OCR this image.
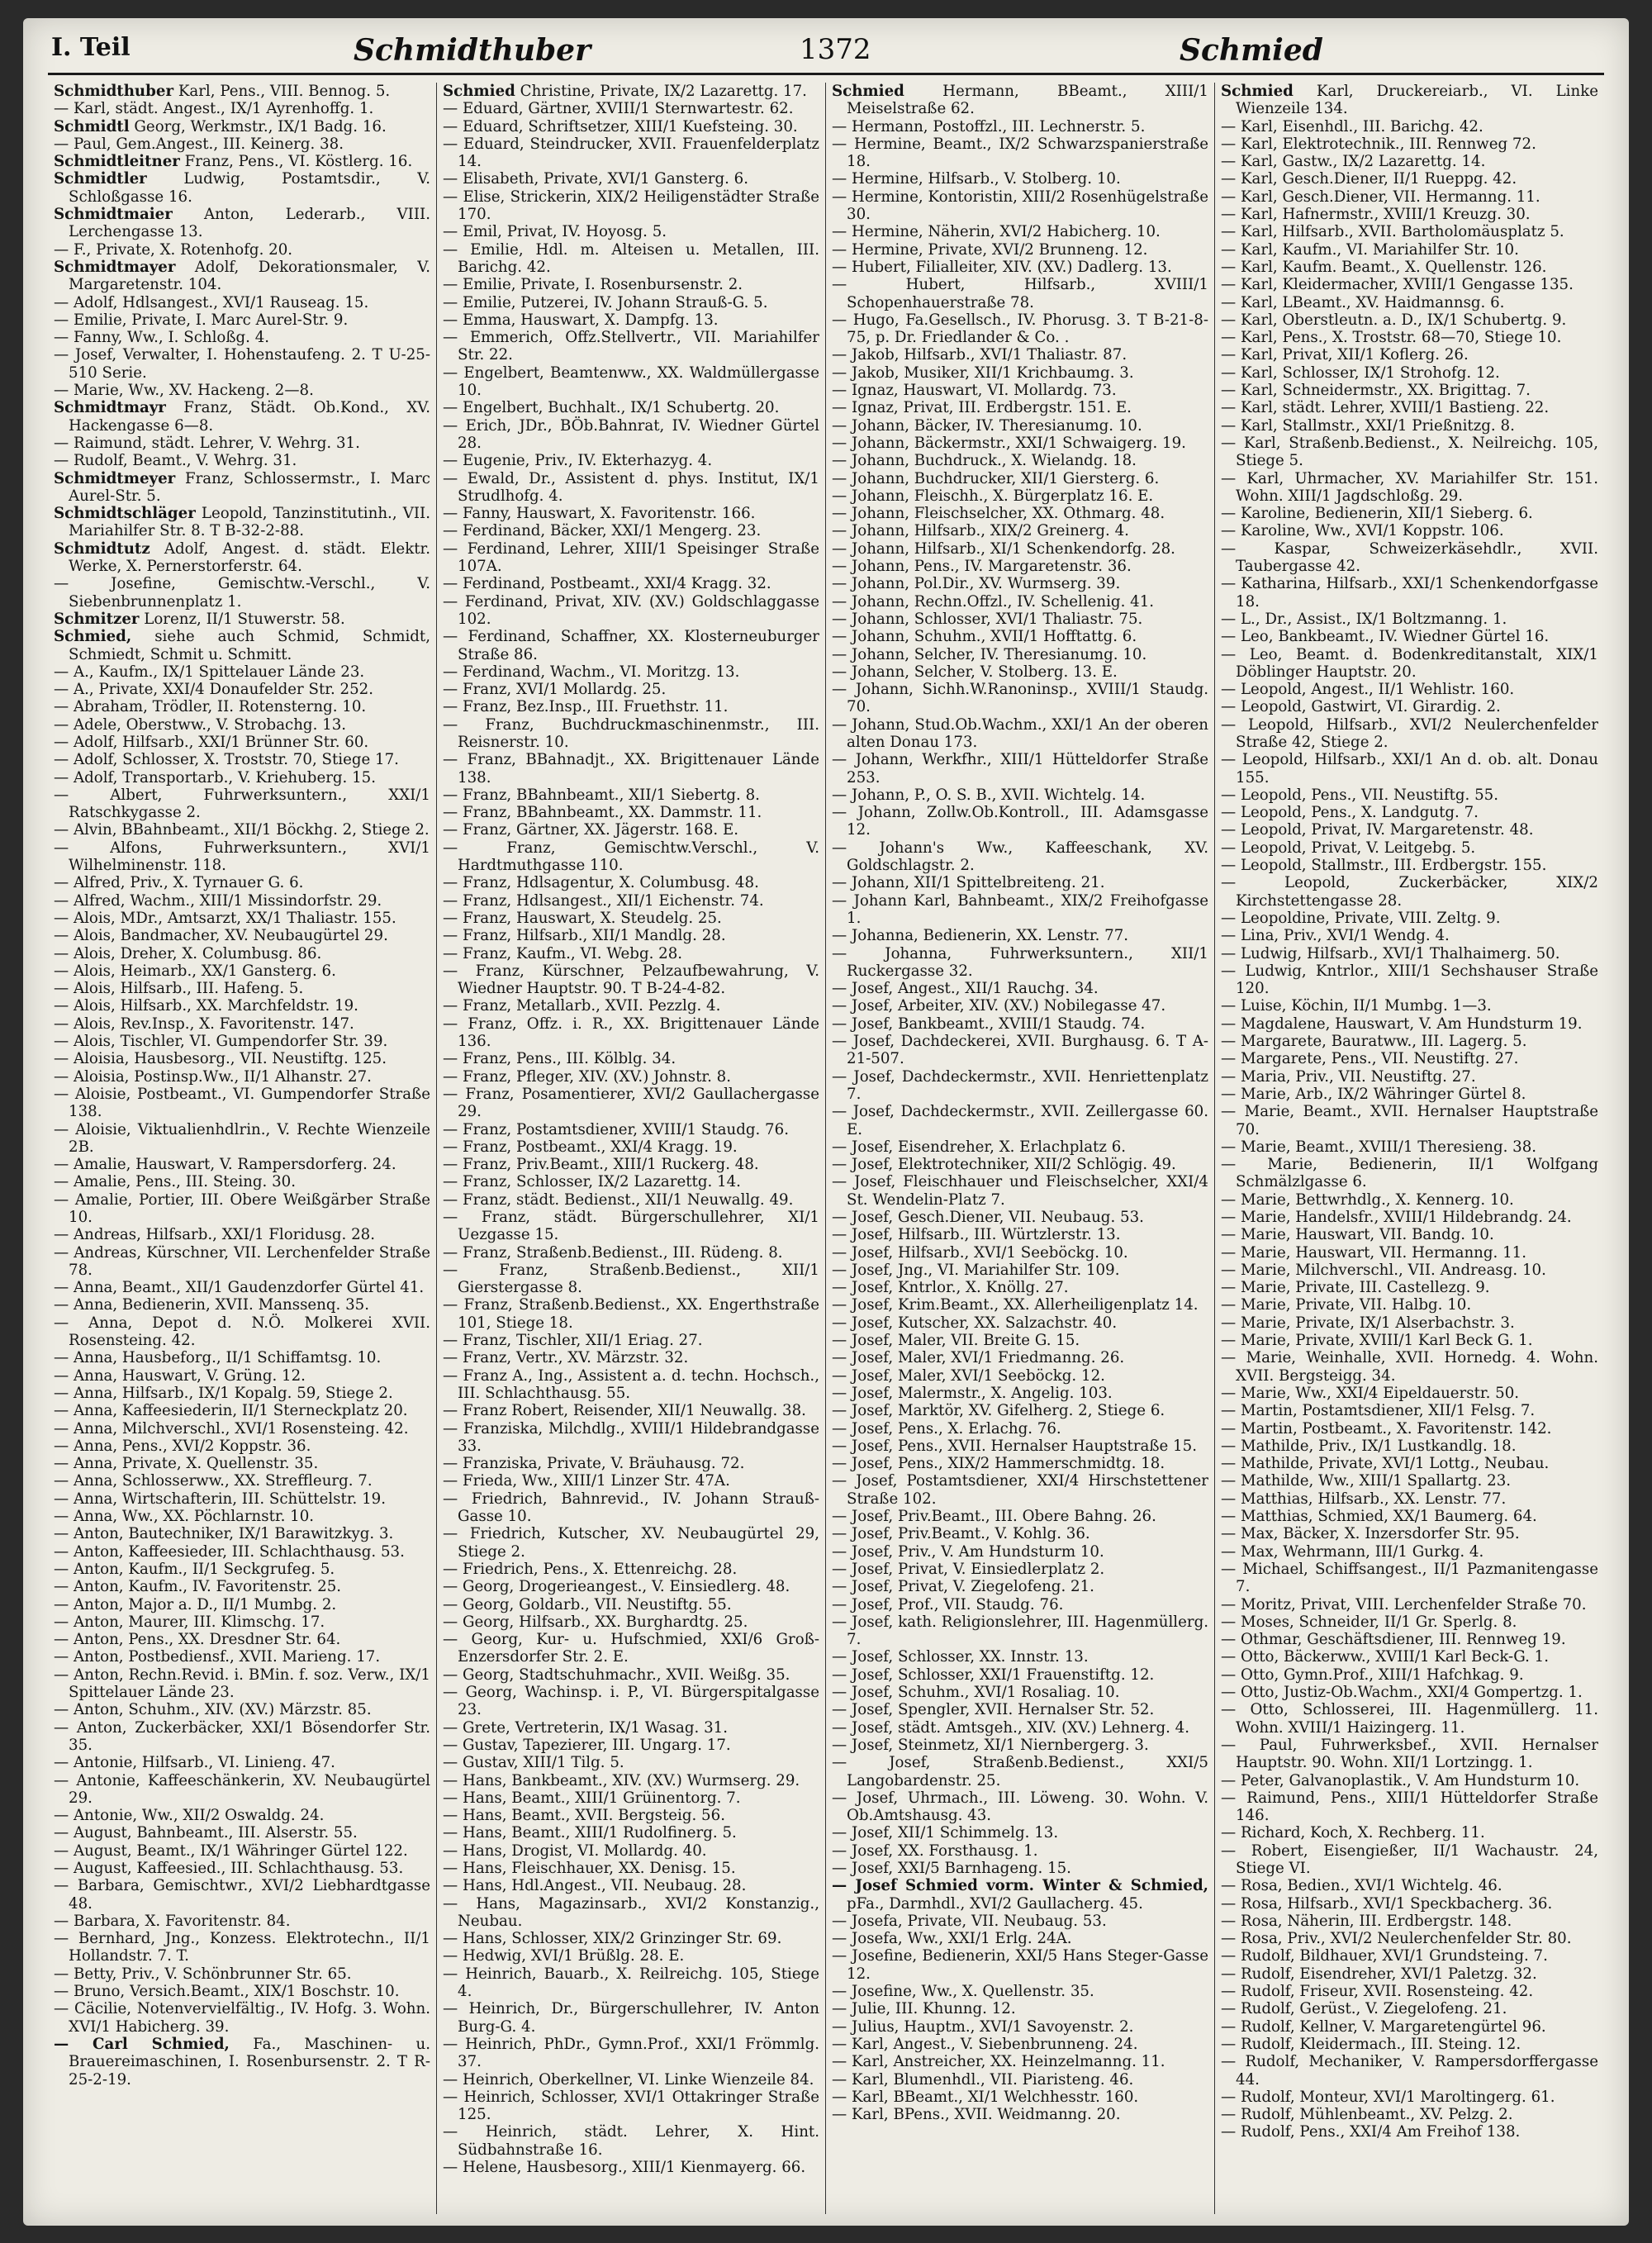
I. Teil	Schmidthuber	1372	Schmied

Schmidthuber Karl, Pens., VIII. Bennog. 5.

— Karl, städt. Angest., IX/1 Ayrenhoffg. 1.

Schmidtl Georg, Werkmstr., IX/1 Badg. 16.

— Paul, Gem.Angest., III. Keinerg. 38.

Schmidtleitner Franz, Pens., VI. Köstlerg. 16.

Schmidtler Ludwig, Postamtsdir., V. Schloßgasse 16.

Schmidtmaier Anton, Lederarb., VIII. Lerchengasse 13.

— F., Private, X. Rotenhofg. 20.

Schmidtmayer Adolf, Dekorationsmaler, V. Margaretenstr. 104.

— Adolf, Hdlsangest., XVI/1 Rauseag. 15.

— Emilie, Private, I. Marc Aurel-Str. 9.

— Fanny, Ww., I. Schloßg. 4.

— Josef, Verwalter, I. Hohenstaufeng. 2. T U-25-510 Serie.

— Marie, Ww., XV. Hackeng. 2—8.

Schmidtmayr Franz, Städt. Ob.Kond., XV. Hackengasse 6—8.

— Raimund, städt. Lehrer, V. Wehrg. 31.

— Rudolf, Beamt., V. Wehrg. 31.

Schmidtmeyer Franz, Schlossermstr., I. Marc Aurel-Str. 5.

Schmidtschläger Leopold, Tanzinstitutinh., VII. Mariahilfer Str. 8. T B-32-2-88.

Schmidtutz Adolf, Angest. d. städt. Elektr. Werke, X. Pernerstorferstr. 64.

— Josefine, Gemischtw.-Verschl., V. Siebenbrunnenplatz 1.

Schmitzer Lorenz, II/1 Stuwerstr. 58.

Schmied, siehe auch Schmid, Schmidt, Schmiedt, Schmit u. Schmitt.

— A., Kaufm., IX/1 Spittelauer Lände 23.

— A., Private, XXI/4 Donaufelder Str. 252.

— Abraham, Trödler, II. Rotensterng. 10.

— Adele, Oberstww., V. Strobachg. 13.

— Adolf, Hilfsarb., XXI/1 Brünner Str. 60.

— Adolf, Schlosser, X. Troststr. 70, Stiege 17.

— Adolf, Transportarb., V. Kriehuberg. 15.

— Albert, Fuhrwerksuntern., XXI/1 Ratschkygasse 2.

— Alvin, BBahnbeamt., XII/1 Böckhg. 2, Stiege 2.

— Alfons, Fuhrwerksuntern., XVI/1 Wilhelminenstr. 118.

— Alfred, Priv., X. Tyrnauer G. 6.

— Alfred, Wachm., XIII/1 Missindorfstr. 29.

— Alois, MDr., Amtsarzt, XX/1 Thaliastr. 155.

— Alois, Bandmacher, XV. Neubaugürtel 29.

— Alois, Dreher, X. Columbusg. 86.

— Alois, Heimarb., XX/1 Gansterg. 6.

— Alois, Hilfsarb., III. Hafeng. 5.

— Alois, Hilfsarb., XX. Marchfeldstr. 19.

— Alois, Rev.Insp., X. Favoritenstr. 147.

— Alois, Tischler, VI. Gumpendorfer Str. 39.

— Aloisia, Hausbesorg., VII. Neustiftg. 125.

— Aloisia, Postinsp.Ww., II/1 Alhanstr. 27.

— Aloisie, Postbeamt., VI. Gumpendorfer Straße 138.

— Aloisie, Viktualienhdlrin., V. Rechte Wienzeile 2B.

— Amalie, Hauswart, V. Rampersdorferg. 24.

— Amalie, Pens., III. Steing. 30.

— Amalie, Portier, III. Obere Weißgärber Straße 10.

— Andreas, Hilfsarb., XXI/1 Floridusg. 28.

— Andreas, Kürschner, VII. Lerchenfelder Straße 78.

— Anna, Beamt., XII/1 Gaudenzdorfer Gürtel 41.

— Anna, Bedienerin, XVII. Manssenq. 35.

— Anna, Depot d. N.Ö. Molkerei XVII. Rosensteing. 42.

— Anna, Hausbeforg., II/1 Schiffamtsg. 10.

— Anna, Hauswart, V. Grüng. 12.

— Anna, Hilfsarb., IX/1 Kopalg. 59, Stiege 2.

— Anna, Kaffeesiederin, II/1 Sterneckplatz 20.

— Anna, Milchverschl., XVI/1 Rosensteing. 42.

— Anna, Pens., XVI/2 Koppstr. 36.

— Anna, Private, X. Quellenstr. 35.

— Anna, Schlosserww., XX. Streffleurg. 7.

— Anna, Wirtschafterin, III. Schüttelstr. 19.

— Anna, Ww., XX. Pöchlarnstr. 10.

— Anton, Bautechniker, IX/1 Barawitzkyg. 3.

— Anton, Kaffeesieder, III. Schlachthausg. 53.

— Anton, Kaufm., II/1 Seckgrufeg. 5.

— Anton, Kaufm., IV. Favoritenstr. 25.

— Anton, Major a. D., II/1 Mumbg. 2.

— Anton, Maurer, III. Klimschg. 17.

— Anton, Pens., XX. Dresdner Str. 64.

— Anton, Postbediensf., XVII. Marieng. 17.

— Anton, Rechn.Revid. i. BMin. f. soz. Verw., IX/1 Spittelauer Lände 23.

— Anton, Schuhm., XIV. (XV.) Märzstr. 85.

— Anton, Zuckerbäcker, XXI/1 Bösendorfer Str. 35.

— Antonie, Hilfsarb., VI. Linieng. 47.

— Antonie, Kaffeeschänkerin, XV. Neubaugürtel 29.

— Antonie, Ww., XII/2 Oswaldg. 24.

— August, Bahnbeamt., III. Alserstr. 55.

— August, Beamt., IX/1 Währinger Gürtel 122.

— August, Kaffeesied., III. Schlachthausg. 53.

— Barbara, Gemischtwr., XVI/2 Liebhardtgasse 48.

— Barbara, X. Favoritenstr. 84.

— Bernhard, Jng., Konzess. Elektrotechn., II/1 Hollandstr. 7. T.

— Betty, Priv., V. Schönbrunner Str. 65.

— Bruno, Versich.Beamt., XIX/1 Boschstr. 10.

— Cäcilie, Notenvervielfältig., IV. Hofg. 3. Wohn. XVI/1 Habicherg. 39.

— Carl Schmied, Fa., Maschinen- u. Brauereimaschinen, I. Rosenbursenstr. 2. T R-25-2-19.

Schmied Christine, Private, IX/2 Lazarettg. 17.

— Eduard, Gärtner, XVIII/1 Sternwartestr. 62.

— Eduard, Schriftsetzer, XIII/1 Kuefsteing. 30.

— Eduard, Steindrucker, XVII. Frauenfelderplatz 14.

— Elisabeth, Private, XVI/1 Gansterg. 6.

— Elise, Strickerin, XIX/2 Heiligenstädter Straße 170.

— Emil, Privat, IV. Hoyosg. 5.

— Emilie, Hdl. m. Alteisen u. Metallen, III. Barichg. 42.

— Emilie, Private, I. Rosenbursenstr. 2.

— Emilie, Putzerei, IV. Johann Strauß-G. 5.

— Emma, Hauswart, X. Dampfg. 13.

— Emmerich, Offz.Stellvertr., VII. Mariahilfer Str. 22.

— Engelbert, Beamtenww., XX. Waldmüllergasse 10.

— Engelbert, Buchhalt., IX/1 Schubertg. 20.

— Erich, JDr., BÖb.Bahnrat, IV. Wiedner Gürtel 28.

— Eugenie, Priv., IV. Ekterhazyg. 4.

— Ewald, Dr., Assistent d. phys. Institut, IX/1 Strudlhofg. 4.

— Fanny, Hauswart, X. Favoritenstr. 166.

— Ferdinand, Bäcker, XXI/1 Mengerg. 23.

— Ferdinand, Lehrer, XIII/1 Speisinger Straße 107A.

— Ferdinand, Postbeamt., XXI/4 Kragg. 32.

— Ferdinand, Privat, XIV. (XV.) Goldschlaggasse 102.

— Ferdinand, Schaffner, XX. Klosterneuburger Straße 86.

— Ferdinand, Wachm., VI. Moritzg. 13.

— Franz, XVI/1 Mollardg. 25.

— Franz, Bez.Insp., III. Fruethstr. 11.

— Franz, Buchdruckmaschinenmstr., III. Reisnerstr. 10.

— Franz, BBahnadjt., XX. Brigittenauer Lände 138.

— Franz, BBahnbeamt., XII/1 Siebertg. 8.

— Franz, BBahnbeamt., XX. Dammstr. 11.

— Franz, Gärtner, XX. Jägerstr. 168. E.

— Franz, Gemischtw.Verschl., V. Hardtmuthgasse 110.

— Franz, Hdlsagentur, X. Columbusg. 48.

— Franz, Hdlsangest., XII/1 Eichenstr. 74.

— Franz, Hauswart, X. Steudelg. 25.

— Franz, Hilfsarb., XII/1 Mandlg. 28.

— Franz, Kaufm., VI. Webg. 28.

— Franz, Kürschner, Pelzaufbewahrung, V. Wiedner Hauptstr. 90. T B-24-4-82.

— Franz, Metallarb., XVII. Pezzlg. 4.

— Franz, Offz. i. R., XX. Brigittenauer Lände 136.

— Franz, Pens., III. Kölblg. 34.

— Franz, Pfleger, XIV. (XV.) Johnstr. 8.

— Franz, Posamentierer, XVI/2 Gaullachergasse 29.

— Franz, Postamtsdiener, XVIII/1 Staudg. 76.

— Franz, Postbeamt., XXI/4 Kragg. 19.

— Franz, Priv.Beamt., XIII/1 Ruckerg. 48.

— Franz, Schlosser, IX/2 Lazarettg. 14.

— Franz, städt. Bedienst., XII/1 Neuwallg. 49.

— Franz, städt. Bürgerschullehrer, XI/1 Uezgasse 15.

— Franz, Straßenb.Bedienst., III. Rüdeng. 8.

— Franz, Straßenb.Bedienst., XII/1 Gierstergasse 8.

— Franz, Straßenb.Bedienst., XX. Engerthstraße 101, Stiege 18.

— Franz, Tischler, XII/1 Eriag. 27.

— Franz, Vertr., XV. Märzstr. 32.

— Franz A., Ing., Assistent a. d. techn. Hochsch., III. Schlachthausg. 55.

— Franz Robert, Reisender, XII/1 Neuwallg. 38.

— Franziska, Milchdlg., XVIII/1 Hildebrandgasse 33.

— Franziska, Private, V. Bräuhausg. 72.

— Frieda, Ww., XIII/1 Linzer Str. 47A.

— Friedrich, Bahnrevid., IV. Johann Strauß-Gasse 10.

— Friedrich, Kutscher, XV. Neubaugürtel 29, Stiege 2.

— Friedrich, Pens., X. Ettenreichg. 28.

— Georg, Drogerieangest., V. Einsiedlerg. 48.

— Georg, Goldarb., VII. Neustiftg. 55.

— Georg, Hilfsarb., XX. Burghardtg. 25.

— Georg, Kur- u. Hufschmied, XXI/6 Groß-Enzersdorfer Str. 2. E.

— Georg, Stadtschuhmachr., XVII. Weißg. 35.

— Georg, Wachinsp. i. P., VI. Bürgerspitalgasse 23.

— Grete, Vertreterin, IX/1 Wasag. 31.

— Gustav, Tapezierer, III. Ungarg. 17.

— Gustav, XIII/1 Tilg. 5.

— Hans, Bankbeamt., XIV. (XV.) Wurmserg. 29.

— Hans, Beamt., XIII/1 Grüinentorg. 7.

— Hans, Beamt., XVII. Bergsteig. 56.

— Hans, Beamt., XIII/1 Rudolfinerg. 5.

— Hans, Drogist, VI. Mollardg. 40.

— Hans, Fleischhauer, XX. Denisg. 15.

— Hans, Hdl.Angest., VII. Neubaug. 28.

— Hans, Magazinsarb., XVI/2 Konstanzig., Neubau.

— Hans, Schlosser, XIX/2 Grinzinger Str. 69.

— Hedwig, XVI/1 Brüßlg. 28. E.

— Heinrich, Bauarb., X. Reilreichg. 105, Stiege 4.

— Heinrich, Dr., Bürgerschullehrer, IV. Anton Burg-G. 4.

— Heinrich, PhDr., Gymn.Prof., XXI/1 Frömmlg. 37.

— Heinrich, Oberkellner, VI. Linke Wienzeile 84.

— Heinrich, Schlosser, XVI/1 Ottakringer Straße 125.

— Heinrich, städt. Lehrer, X. Hint. Südbahnstraße 16.

— Helene, Hausbesorg., XIII/1 Kienmayerg. 66.

Schmied Hermann, BBeamt., XIII/1 Meiselstraße 62.

— Hermann, Postoffzl., III. Lechnerstr. 5.

— Hermine, Beamt., IX/2 Schwarzspanierstraße 18.

— Hermine, Hilfsarb., V. Stolberg. 10.

— Hermine, Kontoristin, XIII/2 Rosenhügelstraße 30.

— Hermine, Näherin, XVI/2 Habicherg. 10.

— Hermine, Private, XVI/2 Brunneng. 12.

— Hubert, Filialleiter, XIV. (XV.) Dadlerg. 13.

— Hubert, Hilfsarb., XVIII/1 Schopenhauerstraße 78.

— Hugo, Fa.Gesellsch., IV. Phorusg. 3. T B-21-8-75, p. Dr. Friedlander & Co. .

— Jakob, Hilfsarb., XVI/1 Thaliastr. 87.

— Jakob, Musiker, XII/1 Krichbaumg. 3.

— Ignaz, Hauswart, VI. Mollardg. 73.

— Ignaz, Privat, III. Erdbergstr. 151. E.

— Johann, Bäcker, IV. Theresianumg. 10.

— Johann, Bäckermstr., XXI/1 Schwaigerg. 19.

— Johann, Buchdruck., X. Wielandg. 18.

— Johann, Buchdrucker, XII/1 Giersterg. 6.

— Johann, Fleischh., X. Bürgerplatz 16. E.

— Johann, Fleischselcher, XX. Othmarg. 48.

— Johann, Hilfsarb., XIX/2 Greinerg. 4.

— Johann, Hilfsarb., XI/1 Schenkendorfg. 28.

— Johann, Pens., IV. Margaretenstr. 36.

— Johann, Pol.Dir., XV. Wurmserg. 39.

— Johann, Rechn.Offzl., IV. Schellenig. 41.

— Johann, Schlosser, XVI/1 Thaliastr. 75.

— Johann, Schuhm., XVII/1 Hofftattg. 6.

— Johann, Selcher, IV. Theresianumg. 10.

— Johann, Selcher, V. Stolberg. 13. E.

— Johann, Sichh.W.Ranoninsp., XVIII/1 Staudg. 70.

— Johann, Stud.Ob.Wachm., XXI/1 An der oberen alten Donau 173.

— Johann, Werkfhr., XIII/1 Hütteldorfer Straße 253.

— Johann, P., O. S. B., XVII. Wichtelg. 14.

— Johann, Zollw.Ob.Kontroll., III. Adamsgasse 12.

— Johann's Ww., Kaffeeschank, XV. Goldschlagstr. 2.

— Johann, XII/1 Spittelbreiteng. 21.

— Johann Karl, Bahnbeamt., XIX/2 Freihofgasse 1.

— Johanna, Bedienerin, XX. Lenstr. 77.

— Johanna, Fuhrwerksuntern., XII/1 Ruckergasse 32.

— Josef, Angest., XII/1 Rauchg. 34.

— Josef, Arbeiter, XIV. (XV.) Nobilegasse 47.

— Josef, Bankbeamt., XVIII/1 Staudg. 74.

— Josef, Dachdeckerei, XVII. Burghausg. 6. T A-21-507.

— Josef, Dachdeckermstr., XVII. Henriettenplatz 7.

— Josef, Dachdeckermstr., XVII. Zeillergasse 60. E.

— Josef, Eisendreher, X. Erlachplatz 6.

— Josef, Elektrotechniker, XII/2 Schlögig. 49.

— Josef, Fleischhauer und Fleischselcher, XXI/4 St. Wendelin-Platz 7.

— Josef, Gesch.Diener, VII. Neubaug. 53.

— Josef, Hilfsarb., III. Würtzlerstr. 13.

— Josef, Hilfsarb., XVI/1 Seeböckg. 10.

— Josef, Jng., VI. Mariahilfer Str. 109.

— Josef, Kntrlor., X. Knöllg. 27.

— Josef, Krim.Beamt., XX. Allerheiligenplatz 14.

— Josef, Kutscher, XX. Salzachstr. 40.

— Josef, Maler, VII. Breite G. 15.

— Josef, Maler, XVI/1 Friedmanng. 26.

— Josef, Maler, XVI/1 Seeböckg. 12.

— Josef, Malermstr., X. Angelig. 103.

— Josef, Marktör, XV. Gifelherg. 2, Stiege 6.

— Josef, Pens., X. Erlachg. 76.

— Josef, Pens., XVII. Hernalser Hauptstraße 15.

— Josef, Pens., XIX/2 Hammerschmidtg. 18.

— Josef, Postamtsdiener, XXI/4 Hirschstettener Straße 102.

— Josef, Priv.Beamt., III. Obere Bahng. 26.

— Josef, Priv.Beamt., V. Kohlg. 36.

— Josef, Priv., V. Am Hundsturm 10.

— Josef, Privat, V. Einsiedlerplatz 2.

— Josef, Privat, V. Ziegelofeng. 21.

— Josef, Prof., VII. Staudg. 76.

— Josef, kath. Religionslehrer, III. Hagenmüllerg. 7.

— Josef, Schlosser, XX. Innstr. 13.

— Josef, Schlosser, XXI/1 Frauenstiftg. 12.

— Josef, Schuhm., XVI/1 Rosaliag. 10.

— Josef, Spengler, XVII. Hernalser Str. 52.

— Josef, städt. Amtsgeh., XIV. (XV.) Lehnerg. 4.

— Josef, Steinmetz, XI/1 Niernbergerg. 3.

— Josef, Straßenb.Bedienst., XXI/5 Langobardenstr. 25.

— Josef, Uhrmach., III. Löweng. 30. Wohn. V. Ob.Amtshausg. 43.

— Josef, XII/1 Schimmelg. 13.

— Josef, XX. Forsthausg. 1.

— Josef, XXI/5 Barnhageng. 15.

— Josef Schmied vorm. Winter & Schmied, pFa., Darmhdl., XVI/2 Gaullacherg. 45.

— Josefa, Private, VII. Neubaug. 53.

— Josefa, Ww., XXI/1 Erlg. 24A.

— Josefine, Bedienerin, XXI/5 Hans Steger-Gasse 12.

— Josefine, Ww., X. Quellenstr. 35.

— Julie, III. Khunng. 12.

— Julius, Hauptm., XVI/1 Savoyenstr. 2.

— Karl, Angest., V. Siebenbrunneng. 24.

— Karl, Anstreicher, XX. Heinzelmanng. 11.

— Karl, Blumenhdl., VII. Piaristeng. 46.

— Karl, BBeamt., XI/1 Welchhesstr. 160.

— Karl, BPens., XVII. Weidmanng. 20.

Schmied Karl, Druckereiarb., VI. Linke Wienzeile 134.

— Karl, Eisenhdl., III. Barichg. 42.

— Karl, Elektrotechnik., III. Rennweg 72.

— Karl, Gastw., IX/2 Lazarettg. 14.

— Karl, Gesch.Diener, II/1 Rueppg. 42.

— Karl, Gesch.Diener, VII. Hermanng. 11.

— Karl, Hafnermstr., XVIII/1 Kreuzg. 30.

— Karl, Hilfsarb., XVII. Bartholomäusplatz 5.

— Karl, Kaufm., VI. Mariahilfer Str. 10.

— Karl, Kaufm. Beamt., X. Quellenstr. 126.

— Karl, Kleidermacher, XVIII/1 Gengasse 135.

— Karl, LBeamt., XV. Haidmannsg. 6.

— Karl, Oberstleutn. a. D., IX/1 Schubertg. 9.

— Karl, Pens., X. Troststr. 68—70, Stiege 10.

— Karl, Privat, XII/1 Koflerg. 26.

— Karl, Schlosser, IX/1 Strohofg. 12.

— Karl, Schneidermstr., XX. Brigittag. 7.

— Karl, städt. Lehrer, XVIII/1 Bastieng. 22.

— Karl, Stallmstr., XXI/1 Prießnitzg. 8.

— Karl, Straßenb.Bedienst., X. Neilreichg. 105, Stiege 5.

— Karl, Uhrmacher, XV. Mariahilfer Str. 151. Wohn. XIII/1 Jagdschloßg. 29.

— Karoline, Bedienerin, XII/1 Sieberg. 6.

— Karoline, Ww., XVI/1 Koppstr. 106.

— Kaspar, Schweizerkäsehdlr., XVII. Taubergasse 42.

— Katharina, Hilfsarb., XXI/1 Schenkendorfgasse 18.

— L., Dr., Assist., IX/1 Boltzmanng. 1.

— Leo, Bankbeamt., IV. Wiedner Gürtel 16.

— Leo, Beamt. d. Bodenkreditanstalt, XIX/1 Döblinger Hauptstr. 20.

— Leopold, Angest., II/1 Wehlistr. 160.

— Leopold, Gastwirt, VI. Girardig. 2.

— Leopold, Hilfsarb., XVI/2 Neulerchenfelder Straße 42, Stiege 2.

— Leopold, Hilfsarb., XXI/1 An d. ob. alt. Donau 155.

— Leopold, Pens., VII. Neustiftg. 55.

— Leopold, Pens., X. Landgutg. 7.

— Leopold, Privat, IV. Margaretenstr. 48.

— Leopold, Privat, V. Leitgebg. 5.

— Leopold, Stallmstr., III. Erdbergstr. 155.

— Leopold, Zuckerbäcker, XIX/2 Kirchstettengasse 28.

— Leopoldine, Private, VIII. Zeltg. 9.

— Lina, Priv., XVI/1 Wendg. 4.

— Ludwig, Hilfsarb., XVI/1 Thalhaimerg. 50.

— Ludwig, Kntrlor., XIII/1 Sechshauser Straße 120.

— Luise, Köchin, II/1 Mumbg. 1—3.

— Magdalene, Hauswart, V. Am Hundsturm 19.

— Margarete, Bauratww., III. Lagerg. 5.

— Margarete, Pens., VII. Neustiftg. 27.

— Maria, Priv., VII. Neustiftg. 27.

— Marie, Arb., IX/2 Währinger Gürtel 8.

— Marie, Beamt., XVII. Hernalser Hauptstraße 70.

— Marie, Beamt., XVIII/1 Theresieng. 38.

— Marie, Bedienerin, II/1 Wolfgang Schmälzlgasse 6.

— Marie, Bettwrhdlg., X. Kennerg. 10.

— Marie, Handelsfr., XVIII/1 Hildebrandg. 24.

— Marie, Hauswart, VII. Bandg. 10.

— Marie, Hauswart, VII. Hermanng. 11.

— Marie, Milchverschl., VII. Andreasg. 10.

— Marie, Private, III. Castellezg. 9.

— Marie, Private, VII. Halbg. 10.

— Marie, Private, IX/1 Alserbachstr. 3.

— Marie, Private, XVIII/1 Karl Beck G. 1.

— Marie, Weinhalle, XVII. Hornedg. 4. Wohn. XVII. Bergsteigg. 34.

— Marie, Ww., XXI/4 Eipeldauerstr. 50.

— Martin, Postamtsdiener, XII/1 Felsg. 7.

— Martin, Postbeamt., X. Favoritenstr. 142.

— Mathilde, Priv., IX/1 Lustkandlg. 18.

— Mathilde, Private, XVI/1 Lottg., Neubau.

— Mathilde, Ww., XIII/1 Spallartg. 23.

— Matthias, Hilfsarb., XX. Lenstr. 77.

— Matthias, Schmied, XX/1 Baumerg. 64.

— Max, Bäcker, X. Inzersdorfer Str. 95.

— Max, Wehrmann, III/1 Gurkg. 4.

— Michael, Schiffsangest., II/1 Pazmanitengasse 7.

— Moritz, Privat, VIII. Lerchenfelder Straße 70.

— Moses, Schneider, II/1 Gr. Sperlg. 8.

— Othmar, Geschäftsdiener, III. Rennweg 19.

— Otto, Bäckerww., XVIII/1 Karl Beck-G. 1.

— Otto, Gymn.Prof., XIII/1 Hafchkag. 9.

— Otto, Justiz-Ob.Wachm., XXI/4 Gompertzg. 1.

— Otto, Schlosserei, III. Hagenmüllerg. 11. Wohn. XVIII/1 Haizingerg. 11.

— Paul, Fuhrwerksbef., XVII. Hernalser Hauptstr. 90. Wohn. XII/1 Lortzingg. 1.

— Peter, Galvanoplastik., V. Am Hundsturm 10.

— Raimund, Pens., XIII/1 Hütteldorfer Straße 146.

— Richard, Koch, X. Rechberg. 11.

— Robert, Eisengießer, II/1 Wachaustr. 24, Stiege VI.

— Rosa, Bedien., XVI/1 Wichtelg. 46.

— Rosa, Hilfsarb., XVI/1 Speckbacherg. 36.

— Rosa, Näherin, III. Erdbergstr. 148.

— Rosa, Priv., XVI/2 Neulerchenfelder Str. 80.

— Rudolf, Bildhauer, XVI/1 Grundsteing. 7.

— Rudolf, Eisendreher, XVI/1 Paletzg. 32.

— Rudolf, Friseur, XVII. Rosensteing. 42.

— Rudolf, Gerüst., V. Ziegelofeng. 21.

— Rudolf, Kellner, V. Margaretengürtel 96.

— Rudolf, Kleidermach., III. Steing. 12.

— Rudolf, Mechaniker, V. Rampersdorffergasse 44.

— Rudolf, Monteur, XVI/1 Maroltingerg. 61.

— Rudolf, Mühlenbeamt., XV. Pelzg. 2.

— Rudolf, Pens., XXI/4 Am Freihof 138.
